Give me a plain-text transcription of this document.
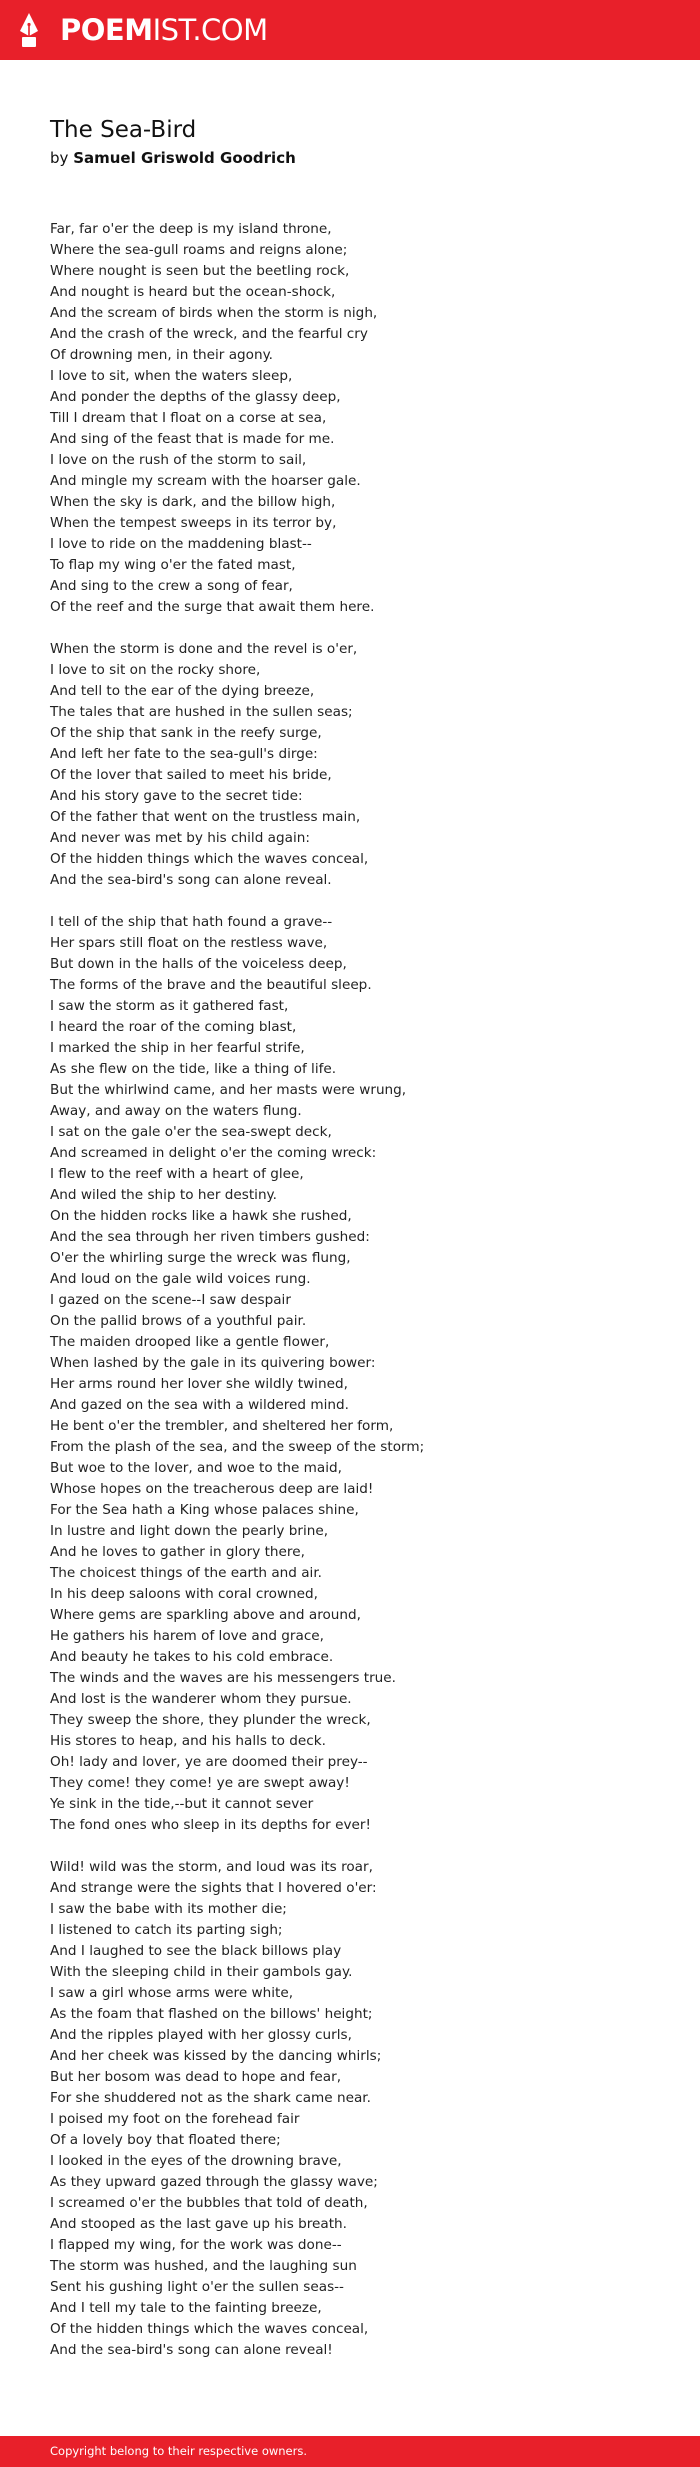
POEMIST.COM
The Sea-Bird
by Samuel Griswold Goodrich
Far, far o'er the deep is my island throne,
Where the sea-gull roams and reigns alone;
Where nought is seen but the beetling rock,
And nought is heard but the ocean-shock,
And the scream of birds when the storm is nigh,
And the crash of the wreck, and the fearful cry
Of drowning men, in their agony.
I love to sit, when the waters sleep,
And ponder the depths of the glassy deep,
Till I dream that I float on a corse at sea,
And sing of the feast that is made for me.
I love on the rush of the storm to sail,
And mingle my scream with the hoarser gale.
When the sky is dark, and the billow high,
When the tempest sweeps in its terror by,
I love to ride on the maddening blast--
To flap my wing o'er the fated mast,
And sing to the crew a song of fear,
Of the reef and the surge that await them here.
When the storm is done and the revel is o'er,
I love to sit on the rocky shore,
And tell to the ear of the dying breeze,
The tales that are hushed in the sullen seas;
Of the ship that sank in the reefy surge,
And left her fate to the sea-gull's dirge:
Of the lover that sailed to meet his bride,
And his story gave to the secret tide:
Of the father that went on the trustless main,
And never was met by his child again:
Of the hidden things which the waves conceal,
And the sea-bird's song can alone reveal.
I tell of the ship that hath found a grave--
Her spars still float on the restless wave,
But down in the halls of the voiceless deep,
The forms of the brave and the beautiful sleep.
I saw the storm as it gathered fast,
I heard the roar of the coming blast,
I marked the ship in her fearful strife,
As she flew on the tide, like a thing of life.
But the whirlwind came, and her masts were wrung,
Away, and away on the waters flung.
I sat on the gale o'er the sea-swept deck,
And screamed in delight o'er the coming wreck:
I flew to the reef with a heart of glee,
And wiled the ship to her destiny.
On the hidden rocks like a hawk she rushed,
And the sea through her riven timbers gushed:
O'er the whirling surge the wreck was flung,
And loud on the gale wild voices rung.
I gazed on the scene--I saw despair
On the pallid brows of a youthful pair.
The maiden drooped like a gentle flower,
When lashed by the gale in its quivering bower:
Her arms round her lover she wildly twined,
And gazed on the sea with a wildered mind.
He bent o'er the trembler, and sheltered her form,
From the plash of the sea, and the sweep of the storm;
But woe to the lover, and woe to the maid,
Whose hopes on the treacherous deep are laid!
For the Sea hath a King whose palaces shine,
In lustre and light down the pearly brine,
And he loves to gather in glory there,
The choicest things of the earth and air.
In his deep saloons with coral crowned,
Where gems are sparkling above and around,
He gathers his harem of love and grace,
And beauty he takes to his cold embrace.
The winds and the waves are his messengers true.
And lost is the wanderer whom they pursue.
They sweep the shore, they plunder the wreck,
His stores to heap, and his halls to deck.
Oh! lady and lover, ye are doomed their prey--
They come! they come! ye are swept away!
Ye sink in the tide,--but it cannot sever
The fond ones who sleep in its depths for ever!
Wild! wild was the storm, and loud was its roar,
And strange were the sights that I hovered o'er:
I saw the babe with its mother die;
I listened to catch its parting sigh;
And I laughed to see the black billows play
With the sleeping child in their gambols gay.
I saw a girl whose arms were white,
As the foam that flashed on the billows' height;
And the ripples played with her glossy curls,
And her cheek was kissed by the dancing whirls;
But her bosom was dead to hope and fear,
For she shuddered not as the shark came near.
I poised my foot on the forehead fair
Of a lovely boy that floated there;
I looked in the eyes of the drowning brave,
As they upward gazed through the glassy wave;
I screamed o'er the bubbles that told of death,
And stooped as the last gave up his breath.
I flapped my wing, for the work was done--
The storm was hushed, and the laughing sun
Sent his gushing light o'er the sullen seas--
And I tell my tale to the fainting breeze,
Of the hidden things which the waves conceal,
And the sea-bird's song can alone reveal!
Copyright belong to their respective owners.
